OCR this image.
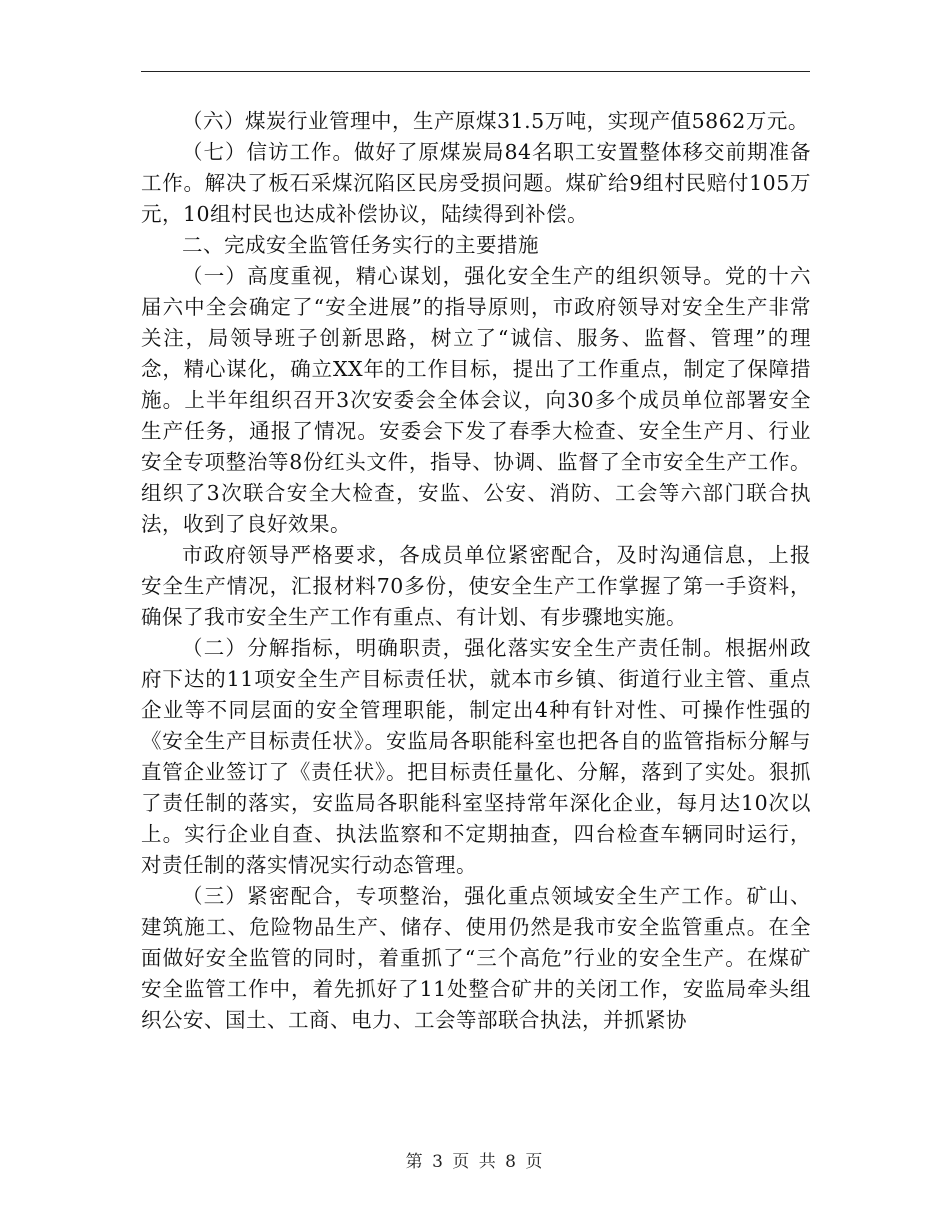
（六）煤炭行业管理中，生产原煤31.5万吨，实现产值5862万元。

（七）信访工作。做好了原煤炭局84名职工安置整体移交前期准备工作。解决了板石采煤沉陷区民房受损问题。煤矿给9组村民赔付105万元，10组村民也达成补偿协议，陆续得到补偿。

二、完成安全监管任务实行的主要措施

（一）高度重视，精心谋划，强化安全生产的组织领导。党的十六届六中全会确定了“安全进展”的指导原则，市政府领导对安全生产非常关注，局领导班子创新思路，树立了“诚信、服务、监督、管理”的理念，精心谋化，确立XX年的工作目标，提出了工作重点，制定了保障措施。上半年组织召开3次安委会全体会议，向30多个成员单位部署安全生产任务，通报了情况。安委会下发了春季大检查、安全生产月、行业安全专项整治等8份红头文件，指导、协调、监督了全市安全生产工作。组织了3次联合安全大检查，安监、公安、消防、工会等六部门联合执法，收到了良好效果。

市政府领导严格要求，各成员单位紧密配合，及时沟通信息，上报安全生产情况，汇报材料70多份，使安全生产工作掌握了第一手资料，确保了我市安全生产工作有重点、有计划、有步骤地实施。

（二）分解指标，明确职责，强化落实安全生产责任制。根据州政府下达的11项安全生产目标责任状，就本市乡镇、街道行业主管、重点企业等不同层面的安全管理职能，制定出4种有针对性、可操作性强的《安全生产目标责任状》。安监局各职能科室也把各自的监管指标分解与直管企业签订了《责任状》。把目标责任量化、分解，落到了实处。狠抓了责任制的落实，安监局各职能科室坚持常年深化企业，每月达10次以上。实行企业自查、执法监察和不定期抽查，四台检查车辆同时运行，对责任制的落实情况实行动态管理。

（三）紧密配合，专项整治，强化重点领域安全生产工作。矿山、建筑施工、危险物品生产、储存、使用仍然是我市安全监管重点。在全面做好安全监管的同时，着重抓了“三个高危”行业的安全生产。在煤矿安全监管工作中，着先抓好了11处整合矿井的关闭工作，安监局牵头组织公安、国土、工商、电力、工会等部联合执法，并抓紧协

第 3 页 共 8 页
